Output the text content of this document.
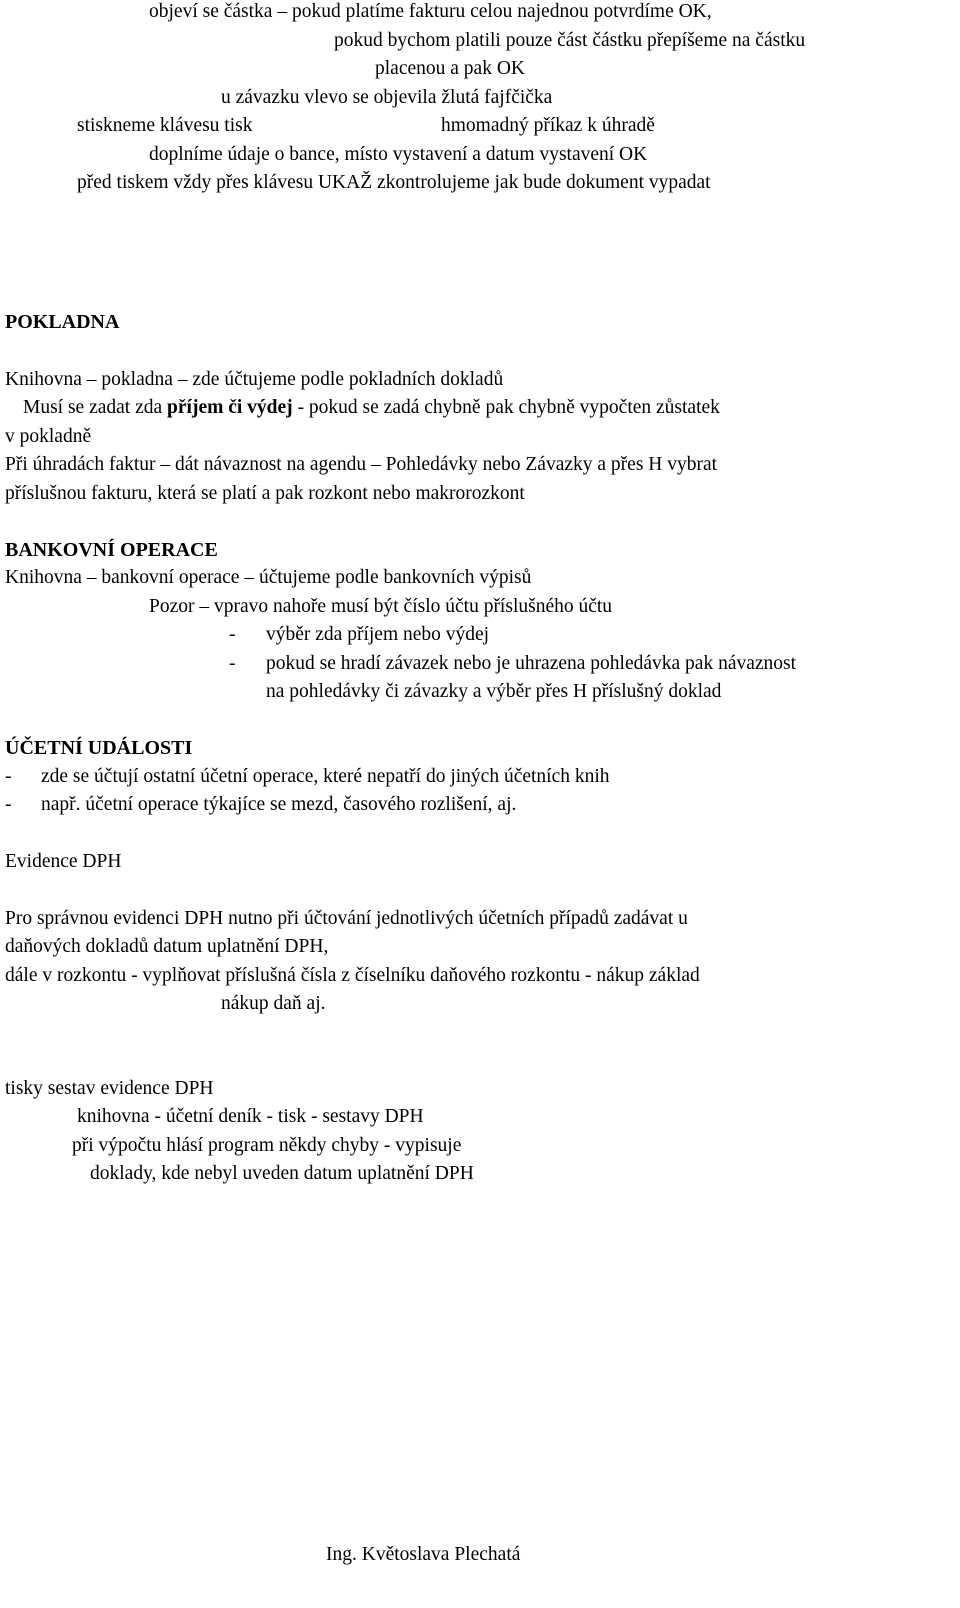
objeví se částka – pokud platíme fakturu celou najednou potvrdíme OK,
pokud bychom platili pouze část částku přepíšeme na částku
placenou a pak OK
u závazku vlevo se objevila žlutá fajfčička
stiskneme klávesu tisk	hmomadný příkaz k úhradě
doplníme údaje o bance, místo vystavení a datum vystavení OK
před tiskem vždy přes klávesu UKAŽ zkontrolujeme jak bude dokument vypadat
POKLADNA
Knihovna – pokladna – zde účtujeme podle pokladních dokladů
Musí se zadat zda příjem či výdej - pokud se zadá chybně pak chybně vypočten zůstatek
v pokladně
Při úhradách faktur – dát návaznost na agendu – Pohledávky nebo Závazky a přes H vybrat
příslušnou fakturu, která se platí a pak rozkont nebo makrorozkont
BANKOVNÍ OPERACE
Knihovna – bankovní operace – účtujeme podle bankovních výpisů
Pozor – vpravo nahoře musí být číslo účtu příslušného účtu
- výběr zda příjem nebo výdej
- pokud se hradí závazek nebo je uhrazena pohledávka pak návaznost
na pohledávky či závazky a výběr přes H příslušný doklad
ÚČETNÍ UDÁLOSTI
- zde se účtují ostatní účetní operace, které nepatří do jiných účetních knih
- např. účetní operace týkajíce se mezd, časového rozlišení, aj.
Evidence DPH
Pro správnou evidenci DPH nutno při účtování jednotlivých účetních případů zadávat u
daňových dokladů datum uplatnění DPH,
dále v rozkontu - vyplňovat příslušná čísla z číselníku daňového rozkontu - nákup základ
nákup daň aj.
tisky sestav evidence DPH
knihovna - účetní deník - tisk - sestavy DPH
při výpočtu hlásí program někdy chyby - vypisuje
doklady, kde nebyl uveden datum uplatnění DPH
Ing. Květoslava Plechatá
